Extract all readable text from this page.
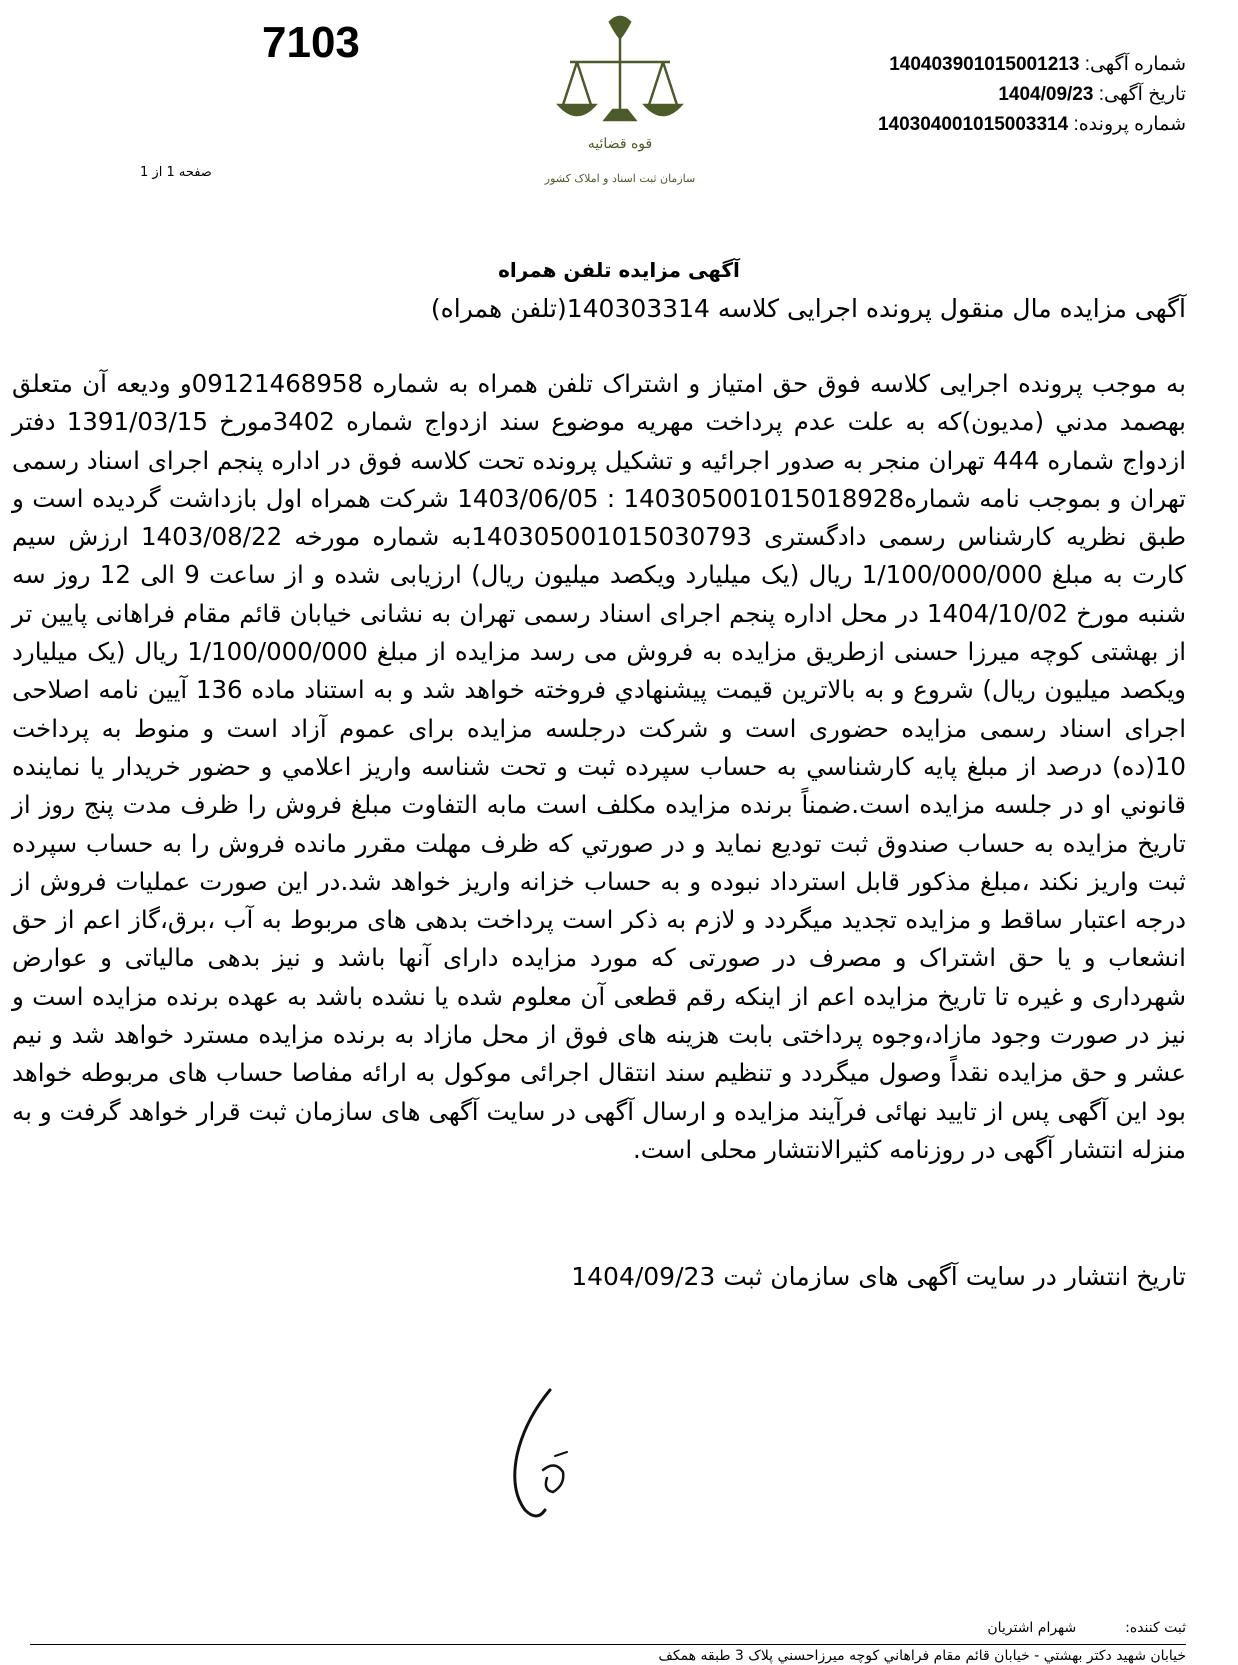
7103
صفحه 1 از 1
قوه قضائیه
سازمان ثبت اسناد و املاک کشور
شماره آگهی: 140403901015001213
تاریخ آگهی: 1404/09/23
شماره پرونده: 140304001015003314
آگهی مزايده تلفن همراه
آگهی مزایده مال منقول پرونده اجرایی کلاسه 140303314(تلفن همراه)

به موجب پرونده اجرایی کلاسه فوق حق امتیاز و اشتراک تلفن همراه به شماره 09121468958و ودیعه آن متعلق بهصمد مدني (مديون)که به علت عدم پرداخت مهریه موضوع سند ازدواج شماره 3402مورخ 1391/03/15 دفتر ازدواج شماره 444 تهران منجر به صدور اجرائیه و تشکیل پرونده تحت کلاسه فوق در اداره پنجم اجرای اسناد رسمی تهران و بموجب نامه شماره140305001015018928 : 1403/06/05 شرکت همراه اول بازداشت گردیده است و طبق نظریه کارشناس رسمی دادگستری 140305001015030793به شماره مورخه 1403/08/22 ارزش سیم کارت به مبلغ 1/100/000/000 ریال (یک میلیارد ویکصد میلیون ریال) ارزیابی شده و از ساعت 9 الی 12 روز سه شنبه مورخ 1404/10/02 در محل اداره پنجم اجرای اسناد رسمی تهران به نشانی خیابان قائم مقام فراهانی پایین تر از بهشتی کوچه میرزا حسنی ازطریق مزایده به فروش می رسد مزایده از مبلغ 1/100/000/000 ریال (یک میلیارد ویکصد میلیون ریال) شروع و به بالاترین قیمت پیشنهادي فروخته خواهد شد و به استناد ماده 136 آیین نامه اصلاحی اجرای اسناد رسمی مزایده حضوری است و شرکت درجلسه مزایده برای عموم آزاد است و منوط به پرداخت 10(ده) درصد از مبلغ پایه كارشناسي به حساب سپرده ثبت و تحت شناسه واريز اعلامي و حضور خريدار يا نماينده قانوني او در جلسه مزايده است.ضمناً برنده مزایده مکلف است مابه التفاوت مبلغ فروش را ظرف مدت پنج روز از تاریخ مزایده به حساب صندوق ثبت توديع نمايد و در صورتي كه ظرف مهلت مقرر مانده فروش را به حساب سپرده ثبت واريز نكند ،مبلغ مذكور قابل استرداد نبوده و به حساب خزانه واريز خواهد شد.در اين صورت عمليات فروش از درجه اعتبار ساقط و مزايده تجديد ميگردد و لازم به ذکر است پرداخت بدهی های مربوط به آب ،برق،گاز اعم از حق انشعاب و یا حق اشتراک و مصرف در صورتی که مورد مزایده دارای آنها باشد و نیز بدهی مالیاتی و عوارض شهرداری و غیره تا تاریخ مزایده اعم از اینکه رقم قطعی آن معلوم شده یا نشده باشد به عهده برنده مزایده است و نیز در صورت وجود مازاد،وجوه پرداختی بابت هزینه های فوق از محل مازاد به برنده مزایده مسترد خواهد شد و نیم عشر و حق مزایده نقداً وصول میگردد و تنظیم سند انتقال اجرائی موکول به ارائه مفاصا حساب های مربوطه خواهد بود این آگهی پس از تایید نهائی فرآیند مزایده و ارسال آگهی در سایت آگهی های سازمان ثبت قرار خواهد گرفت و به منزله انتشار آگهی در روزنامه کثیرالانتشار محلی است.

تاریخ انتشار در سایت آگهی های سازمان ثبت 1404/09/23
ثبت کننده:  شهرام اشتریان
خيابان شهيد دكتر بهشتي - خيابان قائم مقام فراهاني كوچه ميرزاحسني پلاک 3 طبقه همكف
